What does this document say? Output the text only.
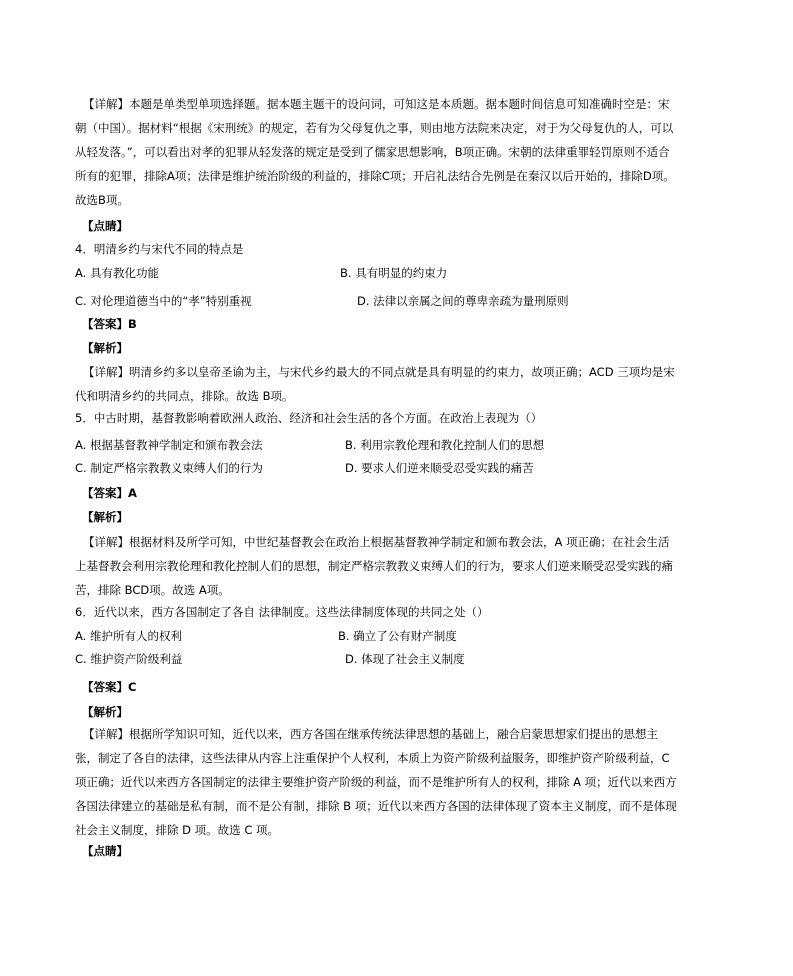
【详解】本题是单类型单项选择题。据本题主题干的设问词，可知这是本质题。据本题时间信息可知准确时空是：宋朝（中国）。据材料“根据《宋刑统》的规定，若有为父母复仇之事，则由地方法院来决定，对于为父母复仇的人，可以从轻发落。”，可以看出对孝的犯罪从轻发落的规定是受到了儒家思想影响，B项正确。宋朝的法律重罪轻罚原则不适合所有的犯罪，排除A项；法律是维护统治阶级的利益的，排除C项；开启礼法结合先例是在秦汉以后开始的，排除D项。故选B项。
【点睛】
4．明清乡约与宋代不同的特点是
A. 具有教化功能	B. 具有明显的约束力
C. 对伦理道德当中的“孝”特别重视	D. 法律以亲属之间的尊卑亲疏为量刑原则
【答案】B
【解析】
【详解】明清乡约多以皇帝圣谕为主，与宋代乡约最大的不同点就是具有明显的约束力，故项正确；ACD 三项均是宋代和明清乡约的共同点，排除。故选 B项。
5．中古时期，基督教影响着欧洲人政治、经济和社会生活的各个方面。在政治上表现为（）
A. 根据基督教神学制定和颁布教会法	B. 利用宗教伦理和教化控制人们的思想
C. 制定严格宗教教义束缚人们的行为	D. 要求人们逆来顺受忍受实践的痛苦
【答案】A
【解析】
【详解】根据材料及所学可知，中世纪基督教会在政治上根据基督教神学制定和颁布教会法，A 项正确；在社会生活上基督教会利用宗教伦理和教化控制人们的思想，制定严格宗教教义束缚人们的行为，要求人们逆来顺受忍受实践的痛苦，排除 BCD项。故选 A项。
6．近代以来，西方各国制定了各自 法律制度。这些法律制度体现的共同之处（）
A. 维护所有人的权利	B. 确立了公有财产制度
C. 维护资产阶级利益	D. 体现了社会主义制度
【答案】C
【解析】
【详解】根据所学知识可知，近代以来，西方各国在继承传统法律思想的基础上，融合启蒙思想家们提出的思想主张，制定了各自的法律，这些法律从内容上注重保护个人权利，本质上为资产阶级利益服务，即维护资产阶级利益，C 项正确；近代以来西方各国制定的法律主要维护资产阶级的利益，而不是维护所有人的权利，排除 A 项；近代以来西方各国法律建立的基础是私有制，而不是公有制，排除 B 项；近代以来西方各国的法律体现了资本主义制度，而不是体现社会主义制度，排除 D 项。故选 C 项。
【点睛】
